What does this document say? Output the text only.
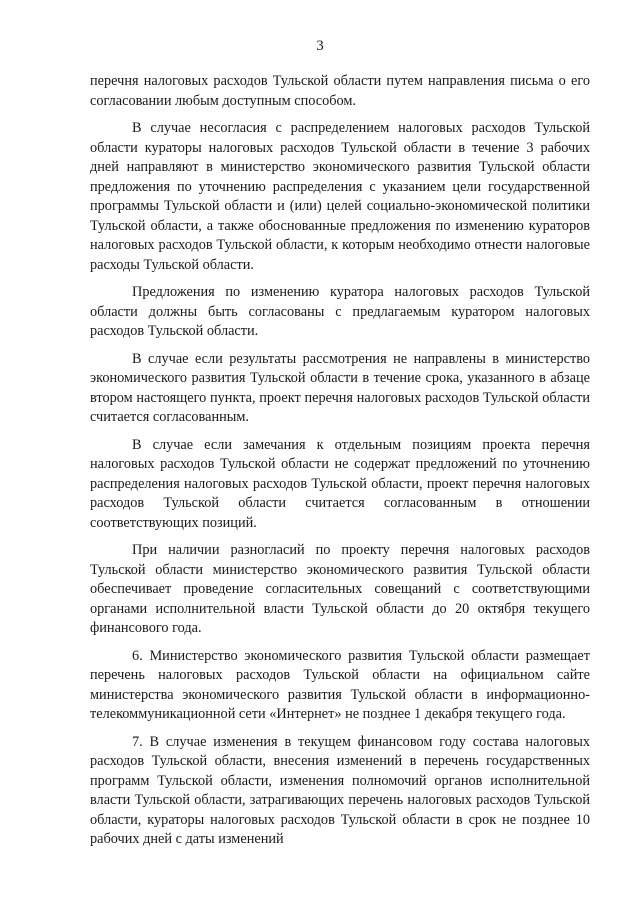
3

перечня налоговых расходов Тульской области путем направления письма о его согласовании любым доступным способом.

В случае несогласия с распределением налоговых расходов Тульской области кураторы налоговых расходов Тульской области в течение 3 рабочих дней направляют в министерство экономического развития Тульской области предложения по уточнению распределения с указанием цели государственной программы Тульской области и (или) целей социально-экономической политики Тульской области, а также обоснованные предложения по изменению кураторов налоговых расходов Тульской области, к которым необходимо отнести налоговые расходы Тульской области.

Предложения по изменению куратора налоговых расходов Тульской области должны быть согласованы с предлагаемым куратором налоговых расходов Тульской области.

В случае если результаты рассмотрения не направлены в министерство экономического развития Тульской области в течение срока, указанного в абзаце втором настоящего пункта, проект перечня налоговых расходов Тульской области считается согласованным.

В случае если замечания к отдельным позициям проекта перечня налоговых расходов Тульской области не содержат предложений по уточнению распределения налоговых расходов Тульской области, проект перечня налоговых расходов Тульской области считается согласованным в отношении соответствующих позиций.

При наличии разногласий по проекту перечня налоговых расходов Тульской области министерство экономического развития Тульской области обеспечивает проведение согласительных совещаний с соответствующими органами исполнительной власти Тульской области до 20 октября текущего финансового года.

6. Министерство экономического развития Тульской области размещает перечень налоговых расходов Тульской области на официальном сайте министерства экономического развития Тульской области в информационно-телекоммуникационной сети «Интернет» не позднее 1 декабря текущего года.

7. В случае изменения в текущем финансовом году состава налоговых расходов Тульской области, внесения изменений в перечень государственных программ Тульской области, изменения полномочий органов исполнительной власти Тульской области, затрагивающих перечень налоговых расходов Тульской области, кураторы налоговых расходов Тульской области в срок не позднее 10 рабочих дней с даты изменений
